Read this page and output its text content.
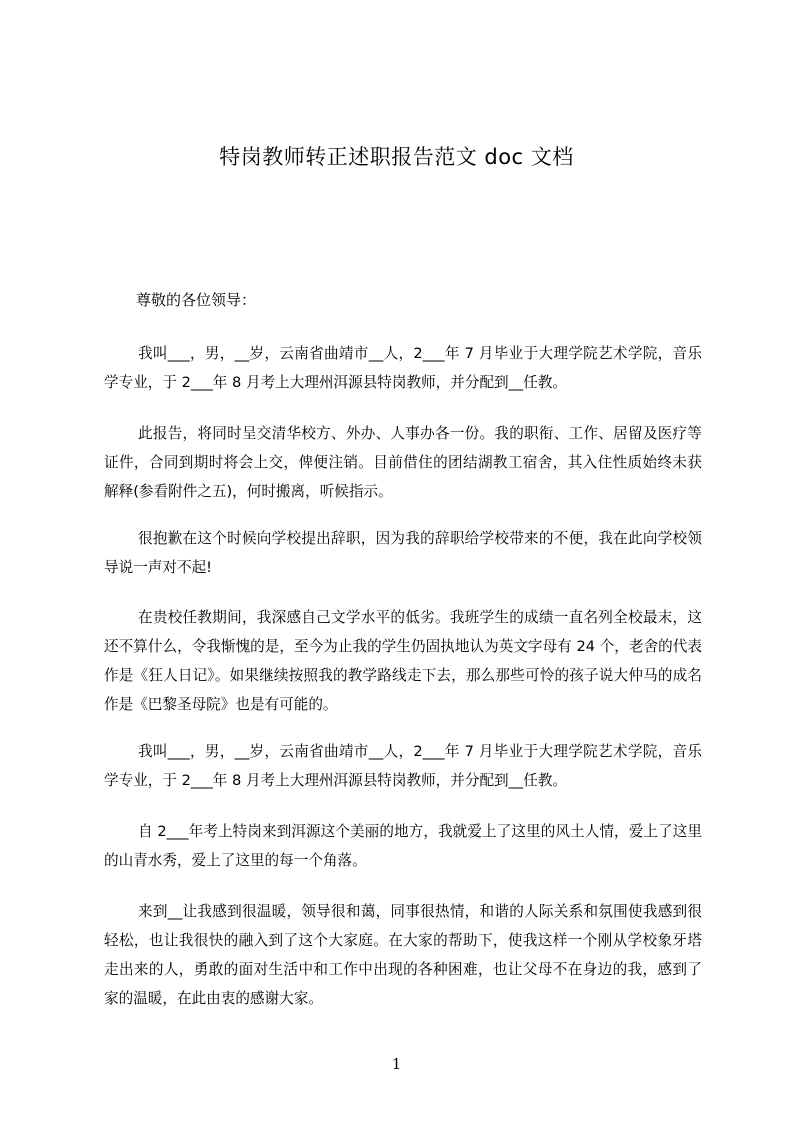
特岗教师转正述职报告范文 doc 文档
尊敬的各位领导：

我叫___，男，__岁，云南省曲靖市__人，2___年 7 月毕业于大理学院艺术学院，音乐学专业，于 2___年 8 月考上大理州洱源县特岗教师，并分配到__任教。

此报告，将同时呈交清华校方、外办、人事办各一份。我的职衔、工作、居留及医疗等证件，合同到期时将会上交，俾便注销。目前借住的团结湖教工宿舍，其入住性质始终未获解释(参看附件之五)，何时搬离，听候指示。

很抱歉在这个时候向学校提出辞职，因为我的辞职给学校带来的不便，我在此向学校领导说一声对不起!

在贵校任教期间，我深感自己文学水平的低劣。我班学生的成绩一直名列全校最末，这还不算什么，令我惭愧的是，至今为止我的学生仍固执地认为英文字母有 24 个，老舍的代表作是《狂人日记》。如果继续按照我的教学路线走下去，那么那些可怜的孩子说大仲马的成名作是《巴黎圣母院》也是有可能的。

我叫___，男，__岁，云南省曲靖市__人，2___年 7 月毕业于大理学院艺术学院，音乐学专业，于 2___年 8 月考上大理州洱源县特岗教师，并分配到__任教。

自 2___年考上特岗来到洱源这个美丽的地方，我就爱上了这里的风土人情，爱上了这里的山青水秀，爱上了这里的每一个角落。

来到__让我感到很温暖，领导很和蔼，同事很热情，和谐的人际关系和氛围使我感到很轻松，也让我很快的融入到了这个大家庭。在大家的帮助下，使我这样一个刚从学校象牙塔走出来的人，勇敢的面对生活中和工作中出现的各种困难，也让父母不在身边的我，感到了家的温暖，在此由衷的感谢大家。

1
